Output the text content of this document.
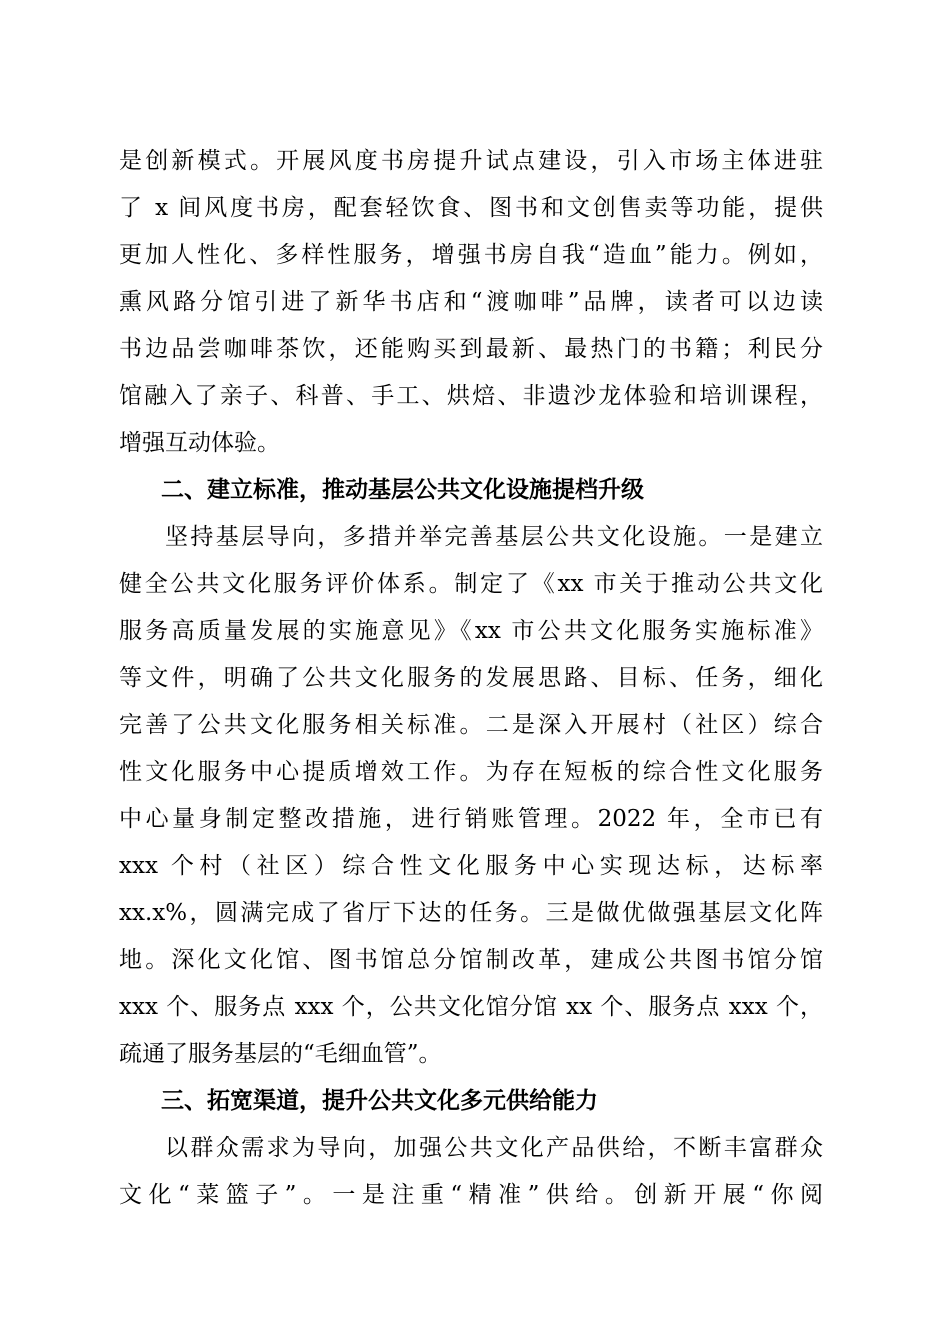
是创新模式。开展风度书房提升试点建设，引入市场主体进驻
了 x 间风度书房，配套轻饮食、图书和文创售卖等功能，提供
更加人性化、多样性服务，增强书房自我“造血”能力。例如，
熏风路分馆引进了新华书店和“渡咖啡”品牌，读者可以边读
书边品尝咖啡茶饮，还能购买到最新、最热门的书籍；利民分
馆融入了亲子、科普、手工、烘焙、非遗沙龙体验和培训课程，
增强互动体验。
二、建立标准，推动基层公共文化设施提档升级
坚持基层导向，多措并举完善基层公共文化设施。一是建立
健全公共文化服务评价体系。制定了《xx 市关于推动公共文化
服务高质量发展的实施意见》《xx 市公共文化服务实施标准》
等文件，明确了公共文化服务的发展思路、目标、任务，细化
完善了公共文化服务相关标准。二是深入开展村（社区）综合
性文化服务中心提质增效工作。为存在短板的综合性文化服务
中心量身制定整改措施，进行销账管理。2022 年，全市已有
xxx 个村（社区）综合性文化服务中心实现达标，达标率
xx.x%，圆满完成了省厅下达的任务。三是做优做强基层文化阵
地。深化文化馆、图书馆总分馆制改革，建成公共图书馆分馆
xxx 个、服务点 xxx 个，公共文化馆分馆 xx 个、服务点 xxx 个，
疏通了服务基层的“毛细血管”。
三、拓宽渠道，提升公共文化多元供给能力
以群众需求为导向，加强公共文化产品供给，不断丰富群众
文化“菜篮子”。一是注重“精准”供给。创新开展“你阅
